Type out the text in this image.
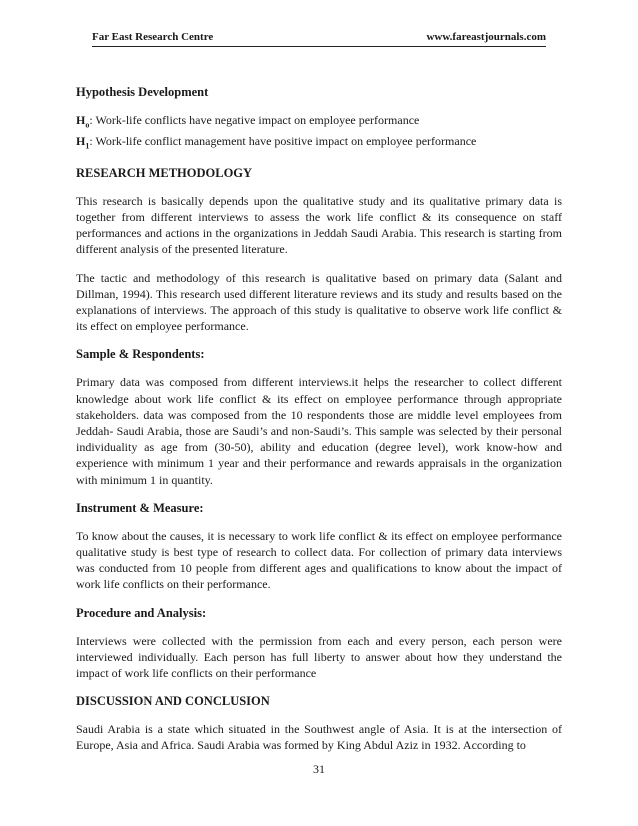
Far East Research Centre	www.fareastjournals.com

Hypothesis Development

$H_o$: Work-life conflicts have negative impact on employee performance

$H_1$: Work-life conflict management have positive impact on employee performance

RESEARCH METHODOLOGY

This research is basically depends upon the qualitative study and its qualitative primary data is together from different interviews to assess the work life conflict & its consequence on staff performances and actions in the organizations in Jeddah Saudi Arabia. This research is starting from different analysis of the presented literature.

The tactic and methodology of this research is qualitative based on primary data (Salant and Dillman, 1994). This research used different literature reviews and its study and results based on the explanations of interviews. The approach of this study is qualitative to observe work life conflict & its effect on employee performance.

Sample & Respondents:

Primary data was composed from different interviews.it helps the researcher to collect different knowledge about work life conflict & its effect on employee performance through appropriate stakeholders. data was composed from the 10 respondents those are middle level employees from Jeddah- Saudi Arabia, those are Saudi’s and non-Saudi’s. This sample was selected by their personal individuality as age from (30-50), ability and education (degree level), work know-how and experience with minimum 1 year and their performance and rewards appraisals in the organization with minimum 1 in quantity.

Instrument & Measure:

To know about the causes, it is necessary to work life conflict & its effect on employee performance qualitative study is best type of research to collect data. For collection of primary data interviews was conducted from 10 people from different ages and qualifications to know about the impact of work life conflicts on their performance.

Procedure and Analysis:

Interviews were collected with the permission from each and every person, each person were interviewed individually. Each person has full liberty to answer about how they understand the impact of work life conflicts on their performance

DISCUSSION AND CONCLUSION

Saudi Arabia is a state which situated in the Southwest angle of Asia. It is at the intersection of Europe, Asia and Africa. Saudi Arabia was formed by King Abdul Aziz in 1932. According to

31
